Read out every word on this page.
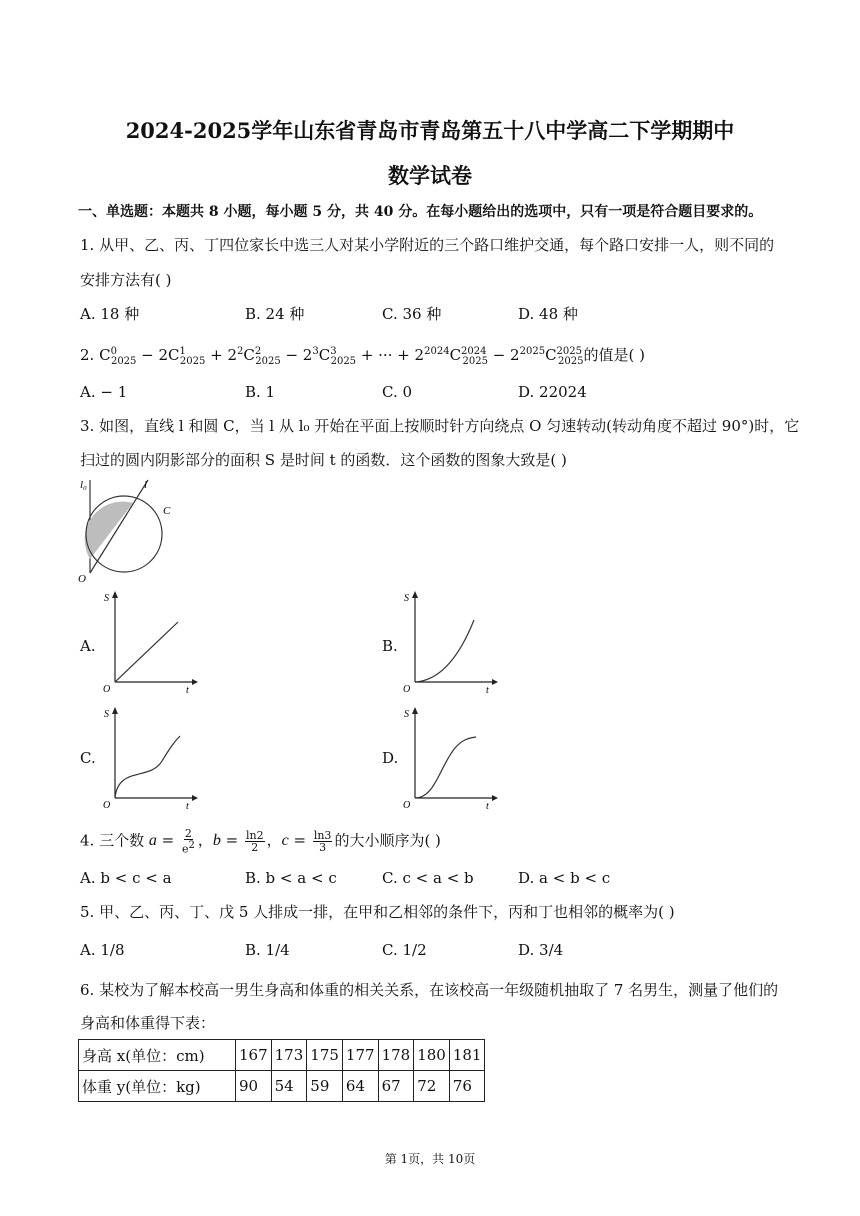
2024-2025学年山东省青岛市青岛第五十八中学高二下学期期中
数学试卷
一、单选题：本题共 8 小题，每小题 5 分，共 40 分。在每小题给出的选项中，只有一项是符合题目要求的。
1. 从甲、乙、丙、丁四位家长中选三人对某小学附近的三个路口维护交通，每个路口安排一人，则不同的
安排方法有( )
A. 18 种	B. 24 种	C. 36 种	D. 48 种
2. $C^0_{2025} - 2C^1_{2025} + 2^2C^2_{2025} - 2^3C^3_{2025}$ + ··· + $2^{2024}C^{2024}_{2025} - 2^{2025}C^{2025}_{2025}$的值是( )
A. − 1	B. 1	C. 0	D. 22024
3. 如图，直线 l 和圆 C，当 l 从 l₀ 开始在平面上按顺时针方向绕点 O 匀速转动(转动角度不超过 90°)时，它
扫过的圆内阴影部分的面积 S 是时间 t 的函数．这个函数的图象大致是( )
l₀	l
C
O
A.
S
O	t
B.
S
O	t
C.
S
O	t
D.
S
O	t
4. 三个数 $a = \frac{2}{e^2}$ ，$b = \frac{\ln 2}{2}$ ，$c = \frac{\ln 3}{3}$ 的大小顺序为( )
A. b < c < a	B. b < a < c	C. c < a < b	D. a < b < c
5. 甲、乙、丙、丁、戊 5 人排成一排，在甲和乙相邻的条件下，丙和丁也相邻的概率为( )
A. 1/8	B. 1/4	C. 1/2	D. 3/4
6. 某校为了解本校高一男生身高和体重的相关关系，在该校高一年级随机抽取了 7 名男生，测量了他们的
身高和体重得下表：
身高 x(单位：cm)	167	173	175	177	178	180	181
体重 y(单位：kg)	90	54	59	64	67	72	76
第 1页，共 10页
